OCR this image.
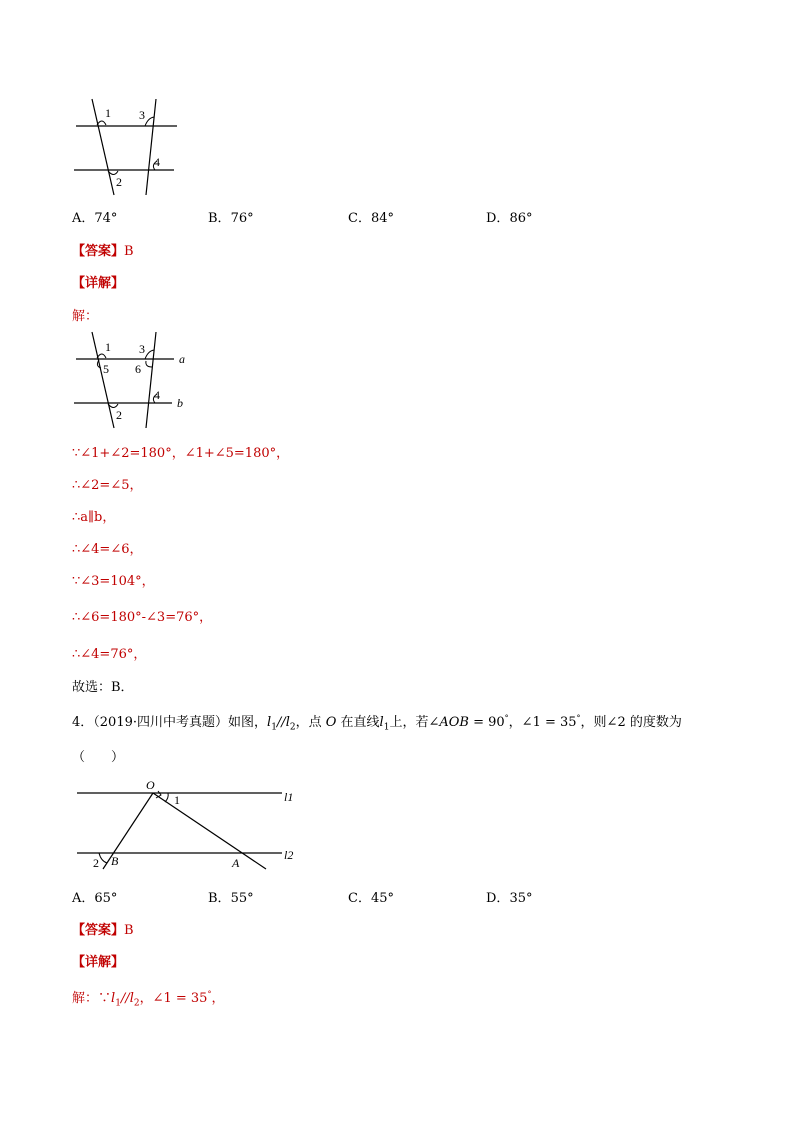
1 3
4
2
A．74°	B．76°	C．84°	D．86°
【答案】B
【详解】
解：
1 3
5 6
a
b
4
2
∵∠1+∠2=180°，∠1+∠5=180°，
∴∠2=∠5，
∴a∥b，
∴∠4=∠6，
∵∠3=104°，
∴∠6=180°-∠3=76°，
∴∠4=76°，
故选：B．
4．（2019·四川中考真题）如图，$l_1//l_2$，点 O 在直线$l_1$上，若∠AOB = 90°，∠1 = 35°，则∠2 的度数为
（　　）
O
1	l1
l2
2 B	A
A．65°	B．55°	C．45°	D．35°
【答案】B
【详解】
解：$\because l_1//l_2$，∠1 = 35°，
